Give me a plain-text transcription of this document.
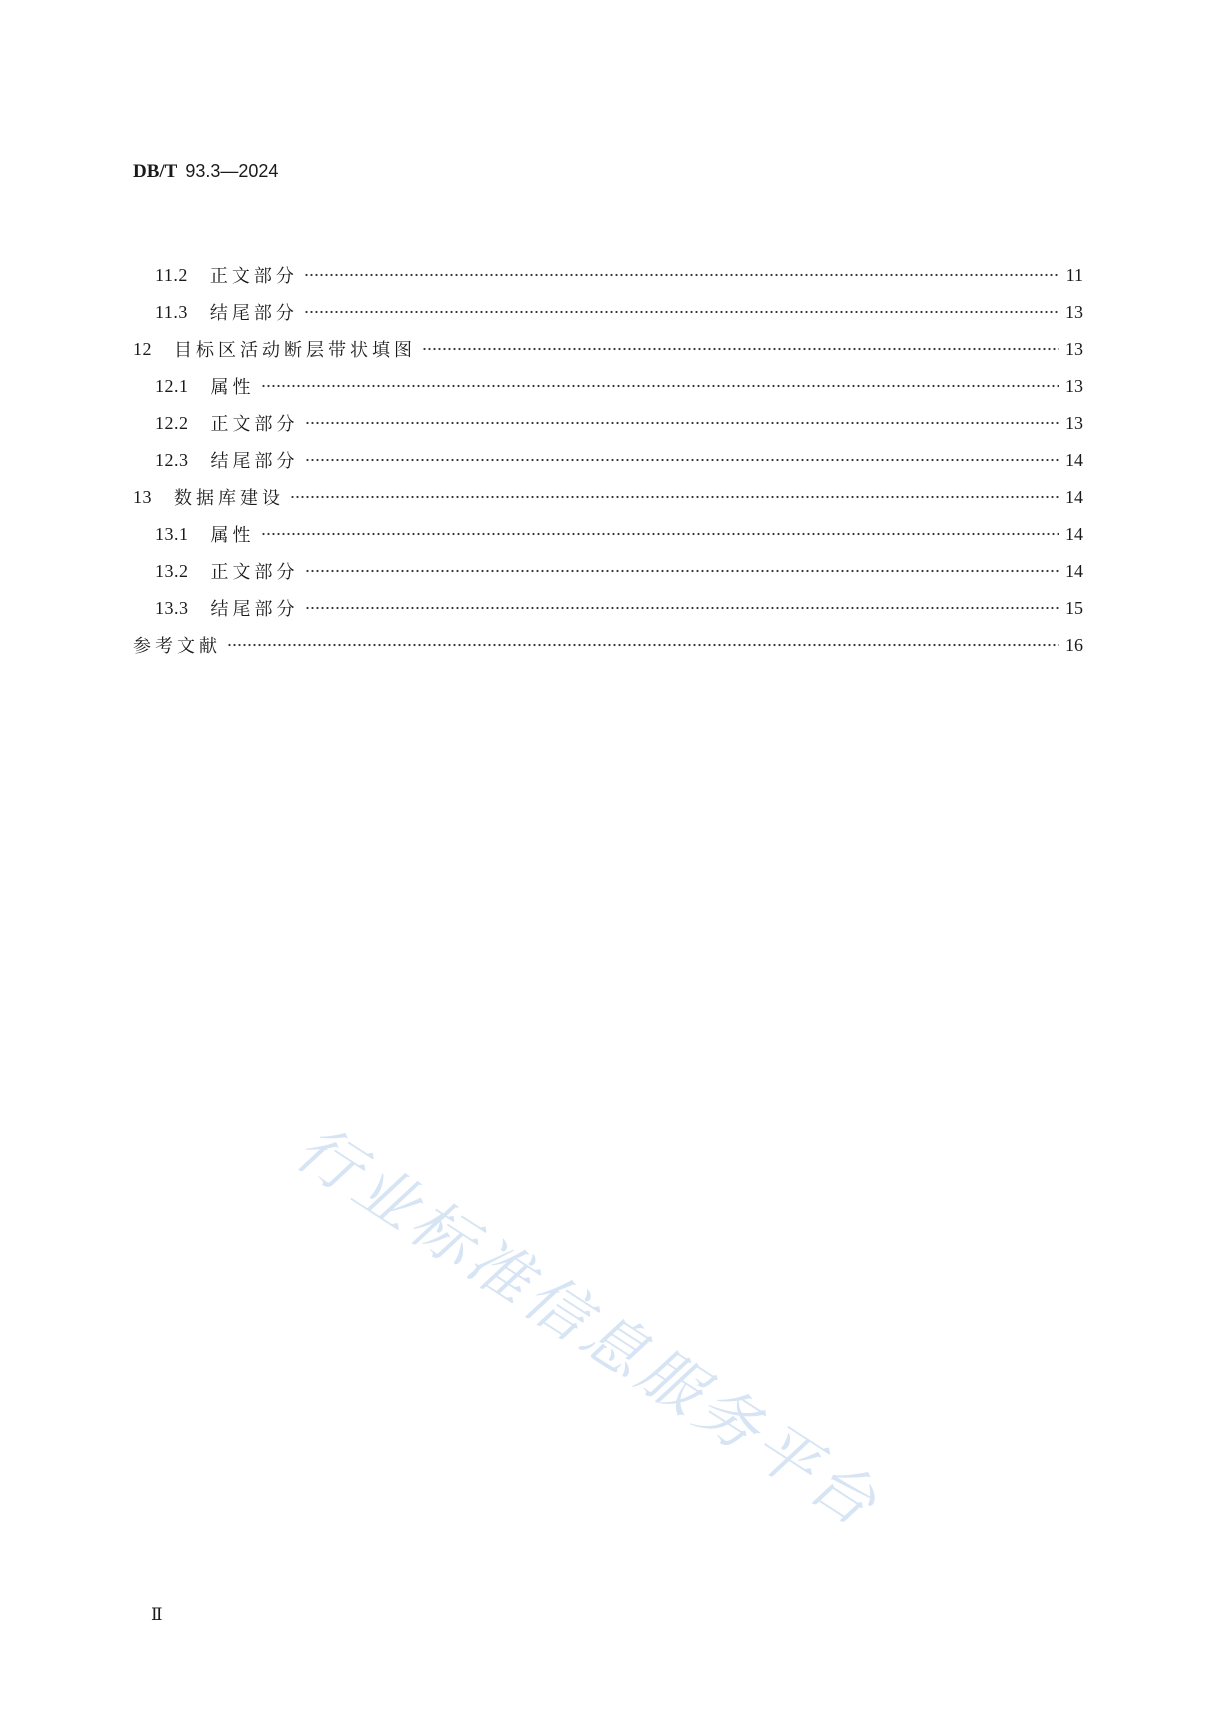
DB/T 93.3—2024
11.2 正文部分	11
11.3 结尾部分	13
12 目标区活动断层带状填图	13
12.1 属性	13
12.2 正文部分	13
12.3 结尾部分	14
13 数据库建设	14
13.1 属性	14
13.2 正文部分	14
13.3 结尾部分	15
参考文献	16
行业标准信息服务平台
Ⅱ
